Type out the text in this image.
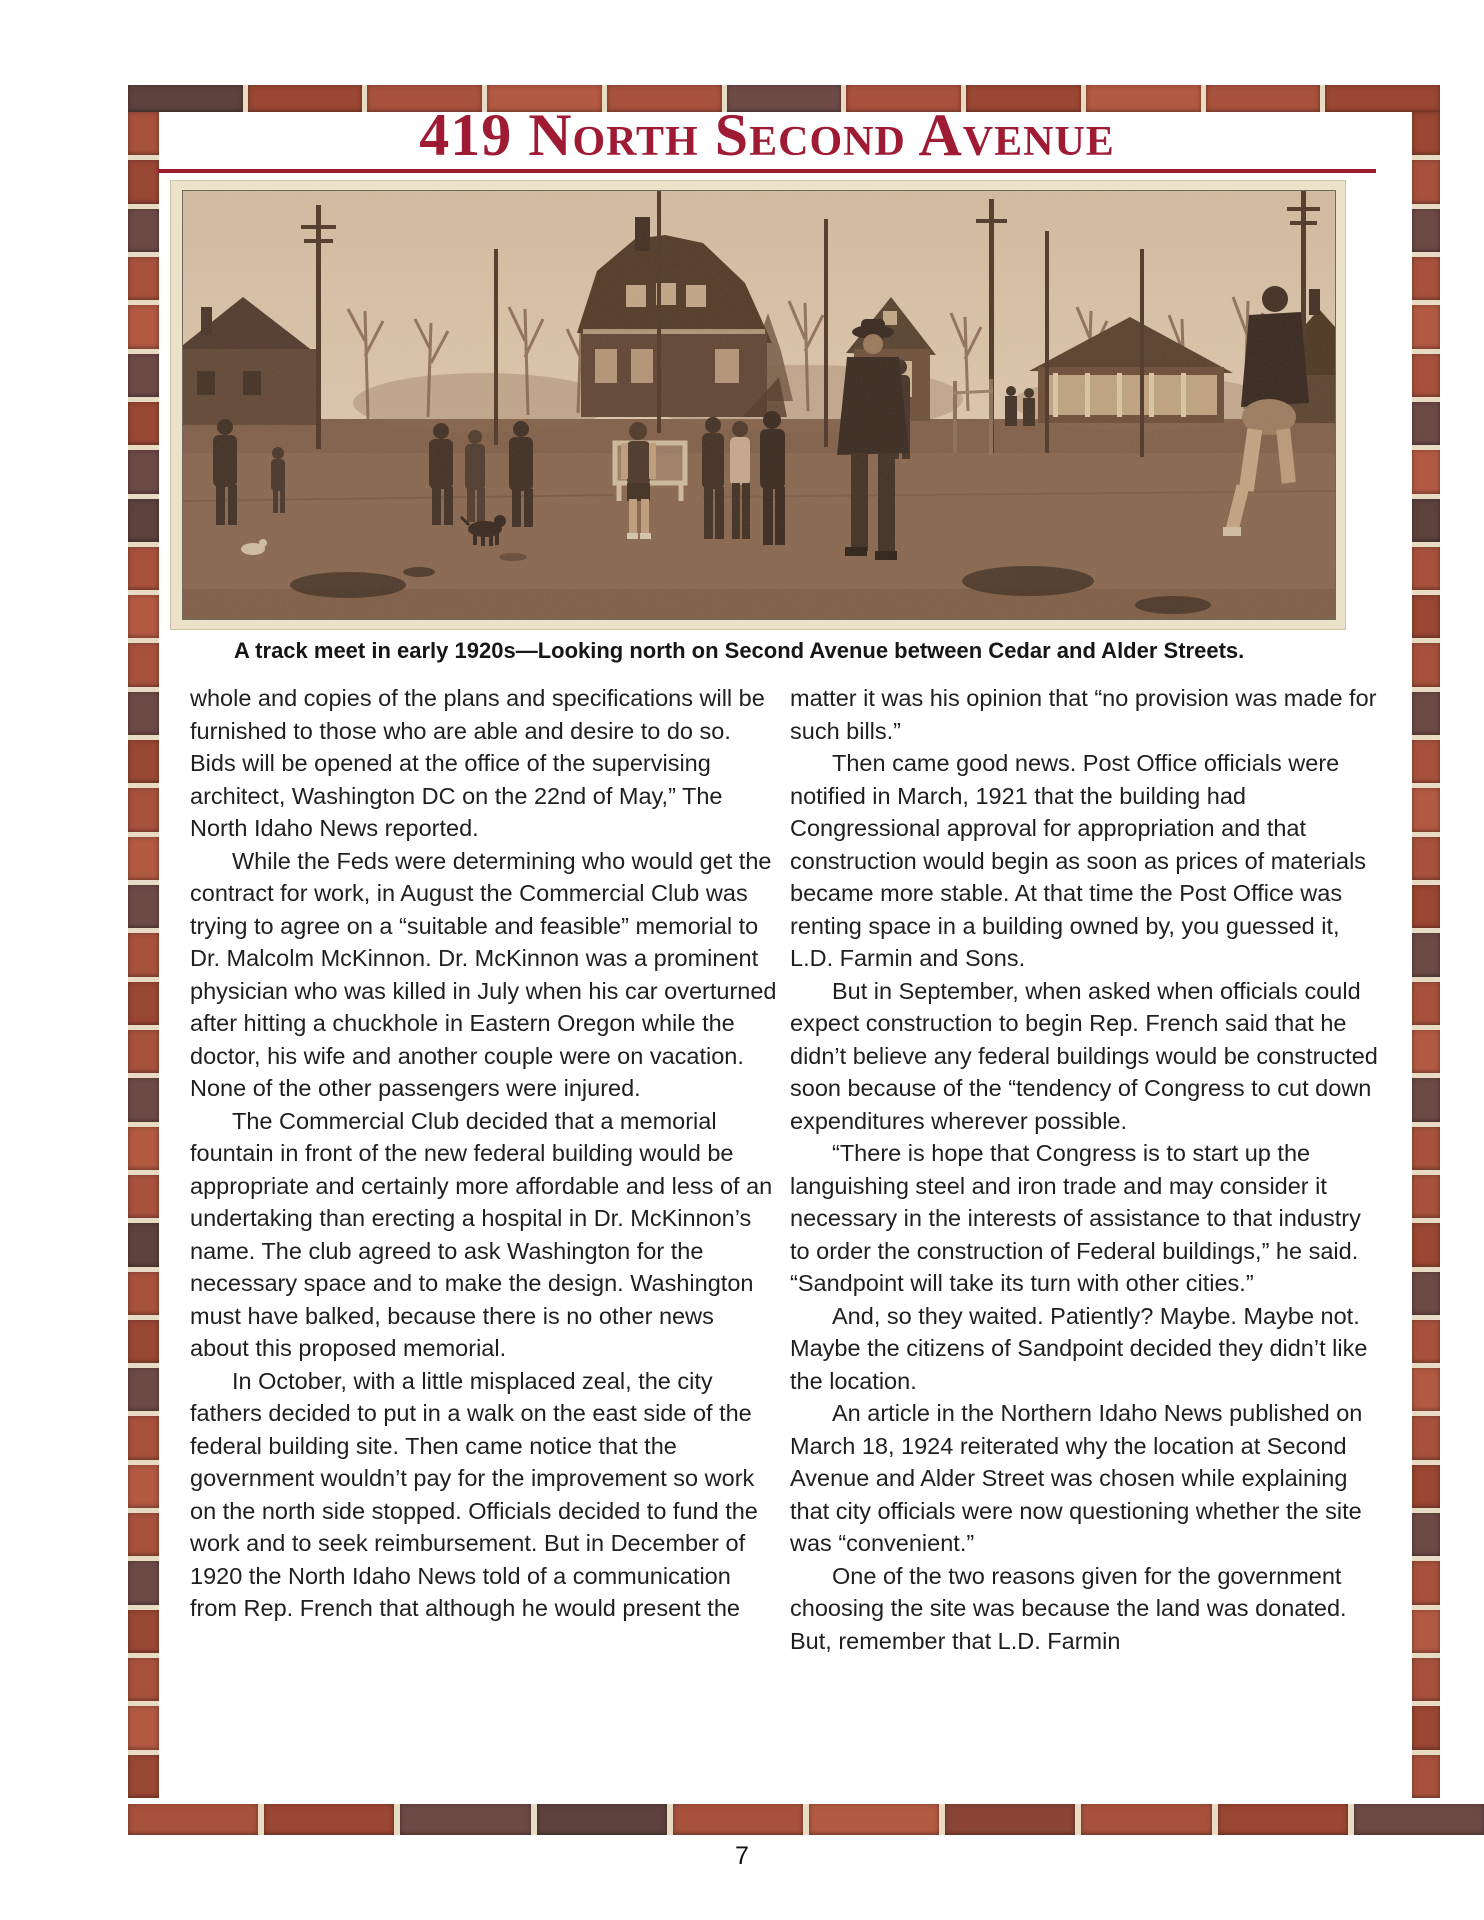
419 North Second Avenue
A track meet in early 1920s—Looking north on Second Avenue between Cedar and Alder Streets.

whole and copies of the plans and specifications will be furnished to those who are able and desire to do so. Bids will be opened at the office of the supervising architect, Washington DC on the 22nd of May,” The North Idaho News reported.

While the Feds were determining who would get the contract for work, in August the Commercial Club was trying to agree on a “suitable and feasible” memorial to Dr. Malcolm McKinnon. Dr. McKinnon was a prominent physician who was killed in July when his car overturned after hitting a chuckhole in Eastern Oregon while the doctor, his wife and another couple were on vacation. None of the other passengers were injured.

The Commercial Club decided that a memorial fountain in front of the new federal building would be appropriate and certainly more affordable and less of an undertaking than erecting a hospital in Dr. McKinnon’s name. The club agreed to ask Washington for the necessary space and to make the design. Washington must have balked, because there is no other news about this proposed memorial.

In October, with a little misplaced zeal, the city fathers decided to put in a walk on the east side of the federal building site. Then came notice that the government wouldn’t pay for the improvement so work on the north side stopped. Officials decided to fund the work and to seek reimbursement. But in December of 1920 the North Idaho News told of a communication from Rep. French that although he would present the

matter it was his opinion that “no provision was made for such bills.”

Then came good news. Post Office officials were notified in March, 1921 that the building had Congressional approval for appropriation and that construction would begin as soon as prices of materials became more stable. At that time the Post Office was renting space in a building owned by, you guessed it, L.D. Farmin and Sons.

But in September, when asked when officials could expect construction to begin Rep. French said that he didn’t believe any federal buildings would be constructed soon because of the “tendency of Congress to cut down expenditures wherever possible.

“There is hope that Congress is to start up the languishing steel and iron trade and may consider it necessary in the interests of assistance to that industry to order the construction of Federal buildings,” he said. “Sandpoint will take its turn with other cities.”

And, so they waited. Patiently? Maybe. Maybe not. Maybe the citizens of Sandpoint decided they didn’t like the location.

An article in the Northern Idaho News published on March 18, 1924 reiterated why the location at Second Avenue and Alder Street was chosen while explaining that city officials were now questioning whether the site was “convenient.”

One of the two reasons given for the government choosing the site was because the land was donated. But, remember that L.D. Farmin

7
